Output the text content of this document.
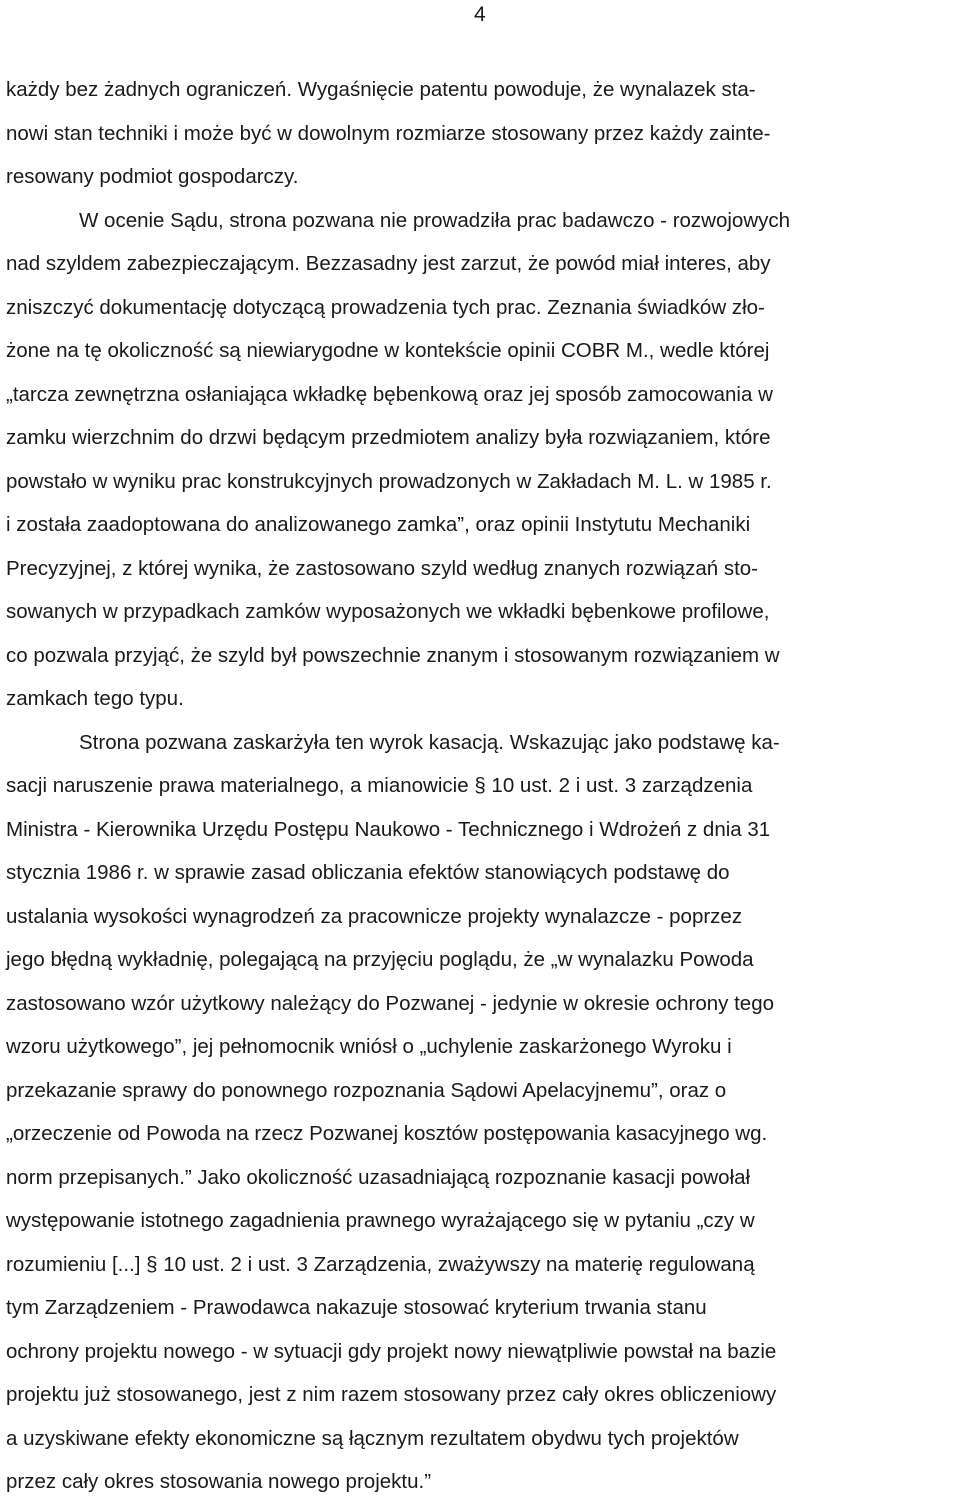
4
każdy bez żadnych ograniczeń. Wygaśnięcie patentu powoduje, że wynalazek sta-
nowi stan techniki i może być w dowolnym rozmiarze stosowany przez każdy zainte-
resowany podmiot gospodarczy.
W ocenie Sądu, strona pozwana nie prowadziła prac badawczo - rozwojowych
nad szyldem zabezpieczającym. Bezzasadny jest zarzut, że powód miał interes, aby
zniszczyć dokumentację dotyczącą prowadzenia tych prac. Zeznania świadków zło-
żone na tę okoliczność są niewiarygodne w kontekście opinii COBR M., wedle której
„tarcza zewnętrzna osłaniająca wkładkę bębenkową oraz jej sposób zamocowania w
zamku wierzchnim do drzwi będącym przedmiotem analizy była rozwiązaniem, które
powstało w wyniku prac konstrukcyjnych prowadzonych w Zakładach M. L. w 1985 r.
i została zaadoptowana do analizowanego zamka”, oraz opinii Instytutu Mechaniki
Precyzyjnej, z której wynika, że zastosowano szyld według znanych rozwiązań sto-
sowanych w przypadkach zamków wyposażonych we wkładki bębenkowe profilowe,
co pozwala przyjąć, że szyld był powszechnie znanym i stosowanym rozwiązaniem w
zamkach tego typu.
Strona pozwana zaskarżyła ten wyrok kasacją. Wskazując jako podstawę ka-
sacji naruszenie prawa materialnego, a mianowicie § 10 ust. 2 i ust. 3 zarządzenia
Ministra - Kierownika Urzędu Postępu Naukowo - Technicznego i Wdrożeń z dnia 31
stycznia 1986 r. w sprawie zasad obliczania efektów stanowiących podstawę do
ustalania wysokości wynagrodzeń za pracownicze projekty wynalazcze - poprzez
jego błędną wykładnię, polegającą na przyjęciu poglądu, że „w wynalazku Powoda
zastosowano wzór użytkowy należący do Pozwanej - jedynie w okresie ochrony tego
wzoru użytkowego”, jej pełnomocnik wniósł o „uchylenie zaskarżonego Wyroku i
przekazanie sprawy do ponownego rozpoznania Sądowi Apelacyjnemu”, oraz o
„orzeczenie od Powoda na rzecz Pozwanej kosztów postępowania kasacyjnego wg.
norm przepisanych.” Jako okoliczność uzasadniającą rozpoznanie kasacji powołał
występowanie istotnego zagadnienia prawnego wyrażającego się w pytaniu „czy w
rozumieniu [...] § 10 ust. 2 i ust. 3 Zarządzenia, zważywszy na materię regulowaną
tym Zarządzeniem - Prawodawca nakazuje stosować kryterium trwania stanu
ochrony projektu nowego - w sytuacji gdy projekt nowy niewątpliwie powstał na bazie
projektu już stosowanego, jest z nim razem stosowany przez cały okres obliczeniowy
a uzyskiwane efekty ekonomiczne są łącznym rezultatem obydwu tych projektów
przez cały okres stosowania nowego projektu.”
